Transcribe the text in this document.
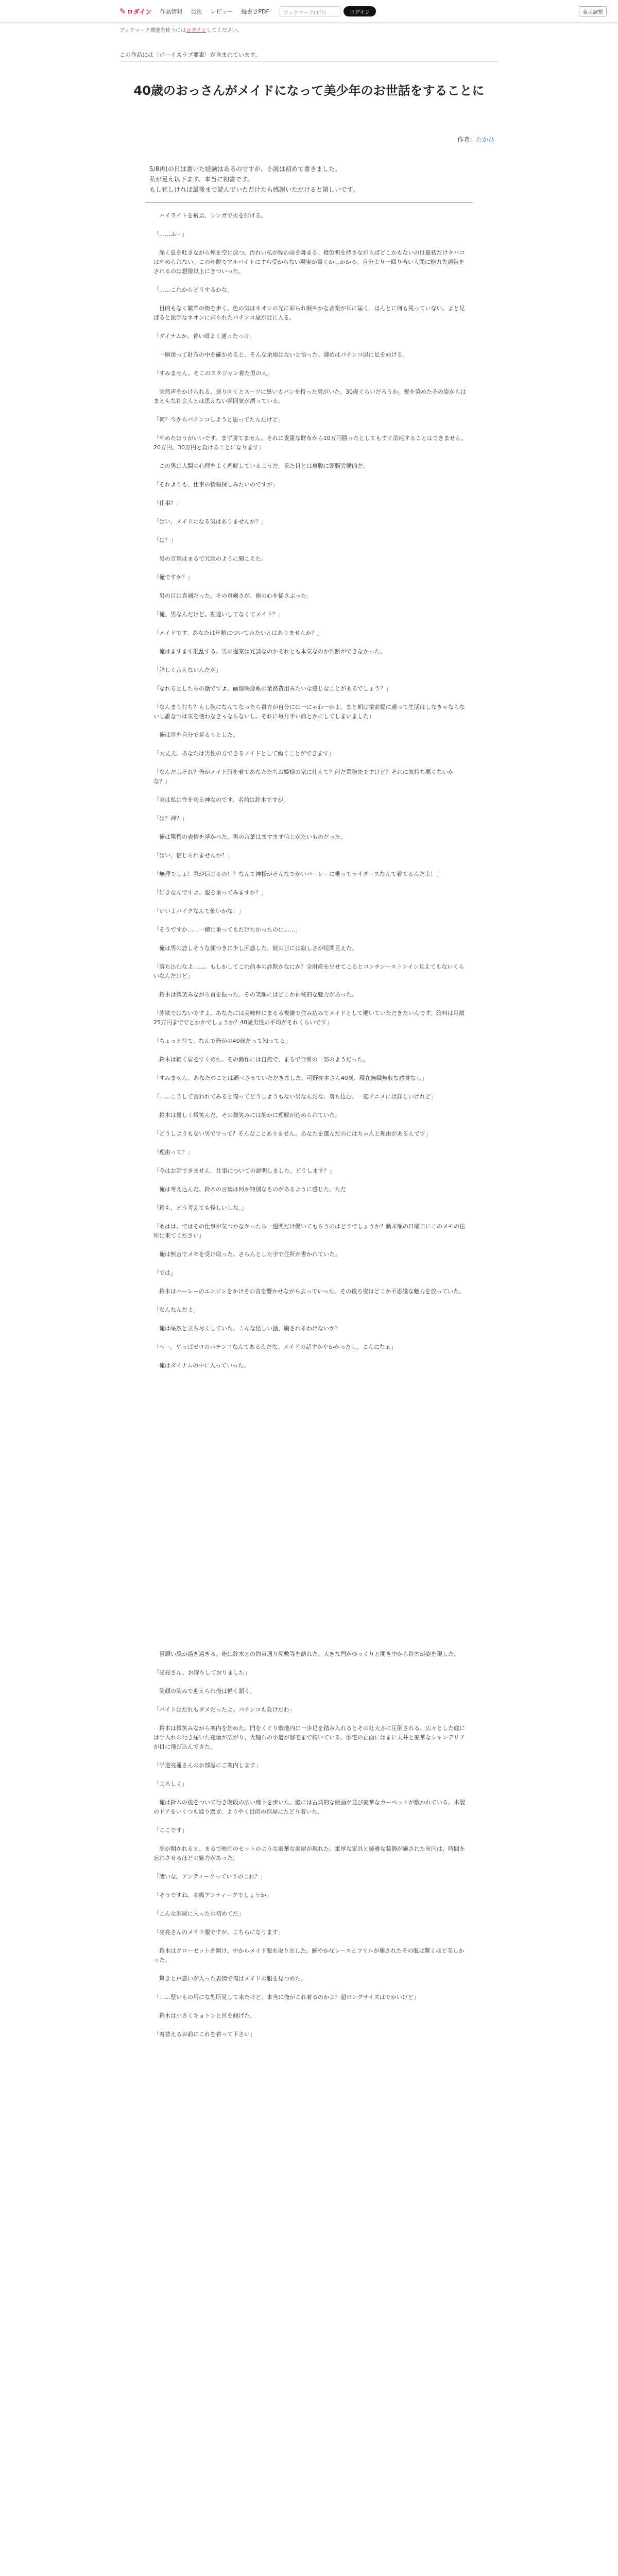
✎ ロダイン 作品情報 目次 レビュー 縦書きPDF	ブックマーク(1件)	ログイン	表示調整
ブックマーク機能を使うにはログインしてください。
この作品には〔ボーイズラブ要素〕が含まれています。
40歳のおっさんがメイドになって美少年のお世話をすることに
作者：たかひ

5/8再(の日は書いた経験はあるのですが、小説は初めて書きました。

私が足え以下ます。本当に初書です。

もし宜しければ最後まで読んでいただけたら感謝いただけると嬉しいです。

　ハイライトを飛ぶ、シンガで火を付ける。

「……ふー」

　深く息を吐きながら煙を空に放つ。汚れい私が煙の雨を舞まる。橙色明を持さながらばどこかもないのは最初だけタバコはやめられない。この年齢でアルバイトにすら受からない現実が重くかしかかる。自分より一回り若い人間に能力失通告をされるのは想像以上にきついった。

「……これからどうするかな」

　目的もなく繁華の街を歩く。色の気はネオンの光に彩られ眠やかな音楽が耳に届く。ほんとに何も残っていない。よと見ばると派手なネオンに彩られたパチンコ屋が目に入る。

「ダイナムか。着い頃よく通ったっけ」

　一瞬迷って財布の中を確かめると、そんな余裕はないと悟った。諦めはパチンコ屋に足を向ける。

「すみません。そこのスタジャン着た男の人」

　突然声をかけられる。振り向くとスーツに黒いカバンを持った男がいた。30歳ぐらいだろうか。髪を染めたその姿からはまともな社会人とは思えない雰囲気が漂っている。

「何？今からパチンコしようと思ってたんだけど」

「やめたほうがいいです。まず勝てません。それに貴重な財布から10万円勝ったとしてもすぐ消耗することはできません。20万円、30万円と負けることになります」

　この男は人間の心理をよく理解しているようだ。見た目とは裏腹に頭脳労働的だ。

「それよりも、仕事の情報探しみたいのですが」

「仕事？」

「はい、メイドになる気はありませんか？」

「は？」

　男の言葉はまるで冗談のように聞こえた。

「俺ですか？」

　男の目は真剣だった。その真剣さが、俺の心を揺さぶった。

「俺、男なんだけど。勘違いしてなくてメイド？」

「メイドです。あなたは年齢についてみたいとはありませんか？」

　俺はますます混乱する。男の提案は冗談なのかそれとも本気なのか判断ができなかった。

「詳しく言えないんだが」

「なれるとしたらの話ですよ。画像映像系の業務費用みたいな感じなことがあるでしょう？」

「なんまり打ち？もし腕になんてなったら貴方が自分には一にゃわ一かよ。まと朝は業前提に通って生活はしなきゃならないし誰なつは気を使わなきゃならないし。それに毎月手い前とかにしてしまいました」

　俺は答を自分で見るうとした。

「大丈夫。あなたは男性の方できるノイドとして働くことができます」

「なんだよそれ？俺がメイド服を着てあなたたちお姫様の家に仕えて？何だ業務先ですけど？それに気持ち悪くないかな？」

「実は私は性を司る神なのです。名前は鈴木ですが」

「は？神？」

　俺は驚愕の表情を浮かべた。男の言葉はますます信じがたいものだった。

「はい、信じられませんか？」

「無理でしょ！誰が信じるの！？なんて神様がそんなでかいバーレーに乗ってライダースなんて着てるんだよ！」

「好きなんですよ。服を乗ってみますか？」

「いいよバイクなんて怖いかな！」

「そうですか……一緒に乗ってもだけたかったのに……」

　俺は男の悲しそうな顔つきに少し困惑した。彼の目には寂しさが垣間見えた。

「落ち込むなよ……。もしかしてこれ前本の詐欺かなにか？全財産を出せてこるとコンチンーストンイン見えてもないくらいなんだけど」

　鈴木は微笑みながら首を振った。その笑顔にはどこか神秘的な魅力があった。

「詐欺ではないですよ。あなたには美味料にまるる複雑で住み込みでメイドとして働いていただきたいんです。給料は月額25万円まででとかかでしょうか？40歳男性の平均がそれくらいです」

「ちょっと待て。なんで俺がの40歳だって知ってる」

　鈴木は軽く眉をすくめた。その動作には自然で、まるで日常の一部のようだった。

「すみません、あなたのことは調べさせていただきました。可野亮本さん40歳、現在無職無収な感覚なし」

「……こうして言われてみると俺ってどうしようもない男なんだな。落ち込む。一応アニメには詳しいけれど」

　鈴木は優しく微笑んだ。その微笑みには静かに理解が込められていた。

「どうしようもない男ですって？そんなことありません。あなたを選んだのにはちゃんと理由があるんです」

「理由って？」

「今はお話できません。仕事についての説明しました。どうします？」

　俺は考え込んだ。鈴木の言葉は何か特別なものがあるように感じた。ただ

「鈴も、どう考えても怪しいしな。」

「あはは。ではその仕事が気つかなかったら一週間だけ働いてもらうのはどうでしょうか？勤未額の日曜日にこのメモの住所に来てください」

　俺は無言でメモを受け取った。さらんとした字で住所が書かれていた。

「では」

　鈴木はハーレーのエンジンをかけその音を響かせながら去っていった。その後ろ姿はどこか不思議な魅力を放っていた。

「なんなんだよ」

　俺は呆然と立ち尽くしていた。こんな怪しい話、騙されるわけないか？

「へー。やっぱゼロのパチンコなんてあるんだな。メイドの話すかやかかったし、こんになぁ」

　俺はダイナムの中に入っていった。

　冒頭い風が過ぎ過ぎる。俺は鈴木との約束通り屋敷等を訪れた。大きな門がゆっくりと開き中から鈴木が姿を現した。

「亮亮さん、お待ちしておりました」

　笑顔の笑みで迎えられ俺は軽く頷く。

「バイトはだれもダメだったよ。パチンコも負けだわ」

　鈴木は微笑みながら案内を始めた。門をくぐり敷地内に一歩足を踏み入れるとその壮大さに圧倒される。広々とした庭には手入れの行き届いた花壇が広がり、大理石の小道が邸宅まで続いている。邸宅の正面にはまに天井と豪華なシャンデリアが目に飛び込んできた。

「学道亮蓮さんのお部屋にご案内します」

「よろしく」

　俺は鈴木の後をついて行き階段の広い廊下を歩いた。壁には古典的な絵画が並び豪華なカーペットが敷かれている。木製のドアをいくつも通り過ぎ、ようやく目的の部屋にたどり着いた。

「ここです」

　扉が開かれると、まるで映画のセットのような豪華な部屋が現れた。重厚な家具と優雅な装飾が施された室内は、時間を忘れさせるほどの魅力があった。

「凄いな。アンティークっていうのこれ？」

「そうですね。高級アンティークでしょうか」

「こんな部屋に入ったの初めてだ」

「亮亮さんのメイド服ですが、こちらになります」

　鈴木はクローゼットを開け、中からメイド服を取り出した。鮮やかなレースとフリルが施されたその服は驚くほど美しかった。

　驚きと戸惑いが入った表情で俺はメイドの服を見つめた。

「……堅いもの用にな型所見して来たけど。本当に俺がこれ着るのかよ？超ロングサイズはでかいけど」

　鈴木は小さくキョトンと首を傾げた。

「着替えるお前にこれを着って下さい」
